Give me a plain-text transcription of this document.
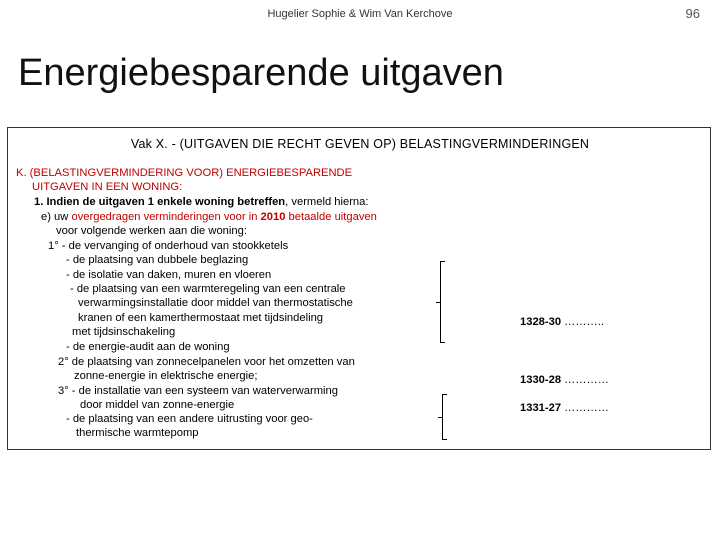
Hugelier Sophie & Wim Van Kerchove	96
Energiebesparende uitgaven
Vak X. - (UITGAVEN DIE RECHT GEVEN OP) BELASTINGVERMINDERINGEN
K. (BELASTINGVERMINDERING VOOR) ENERGIEBESPARENDE
UITGAVEN IN EEN WONING:
1. Indien de uitgaven 1 enkele woning betreffen, vermeld hierna:
e) uw overgedragen verminderingen voor in 2010 betaalde uitgaven
voor volgende werken aan die woning:
1° - de vervanging of onderhoud van stookketels
- de plaatsing van dubbele beglazing
- de isolatie van daken, muren en vloeren
- de plaatsing van een warmteregeling van een centrale
verwarmingsinstallatie door middel van thermostatische
kranen of een kamerthermostaat met tijdsindeling
met tijdsinschakeling
- de energie-audit aan de woning
2° de plaatsing van zonnecelpanelen voor het omzetten van
zonne-energie in elektrische energie;
3° - de installatie van een systeem van waterverwarming
door middel van zonne-energie
- de plaatsing van een andere uitrusting voor geo-
thermische warmtepomp
1328-30 ………..
1330-28 …………
1331-27 …………
